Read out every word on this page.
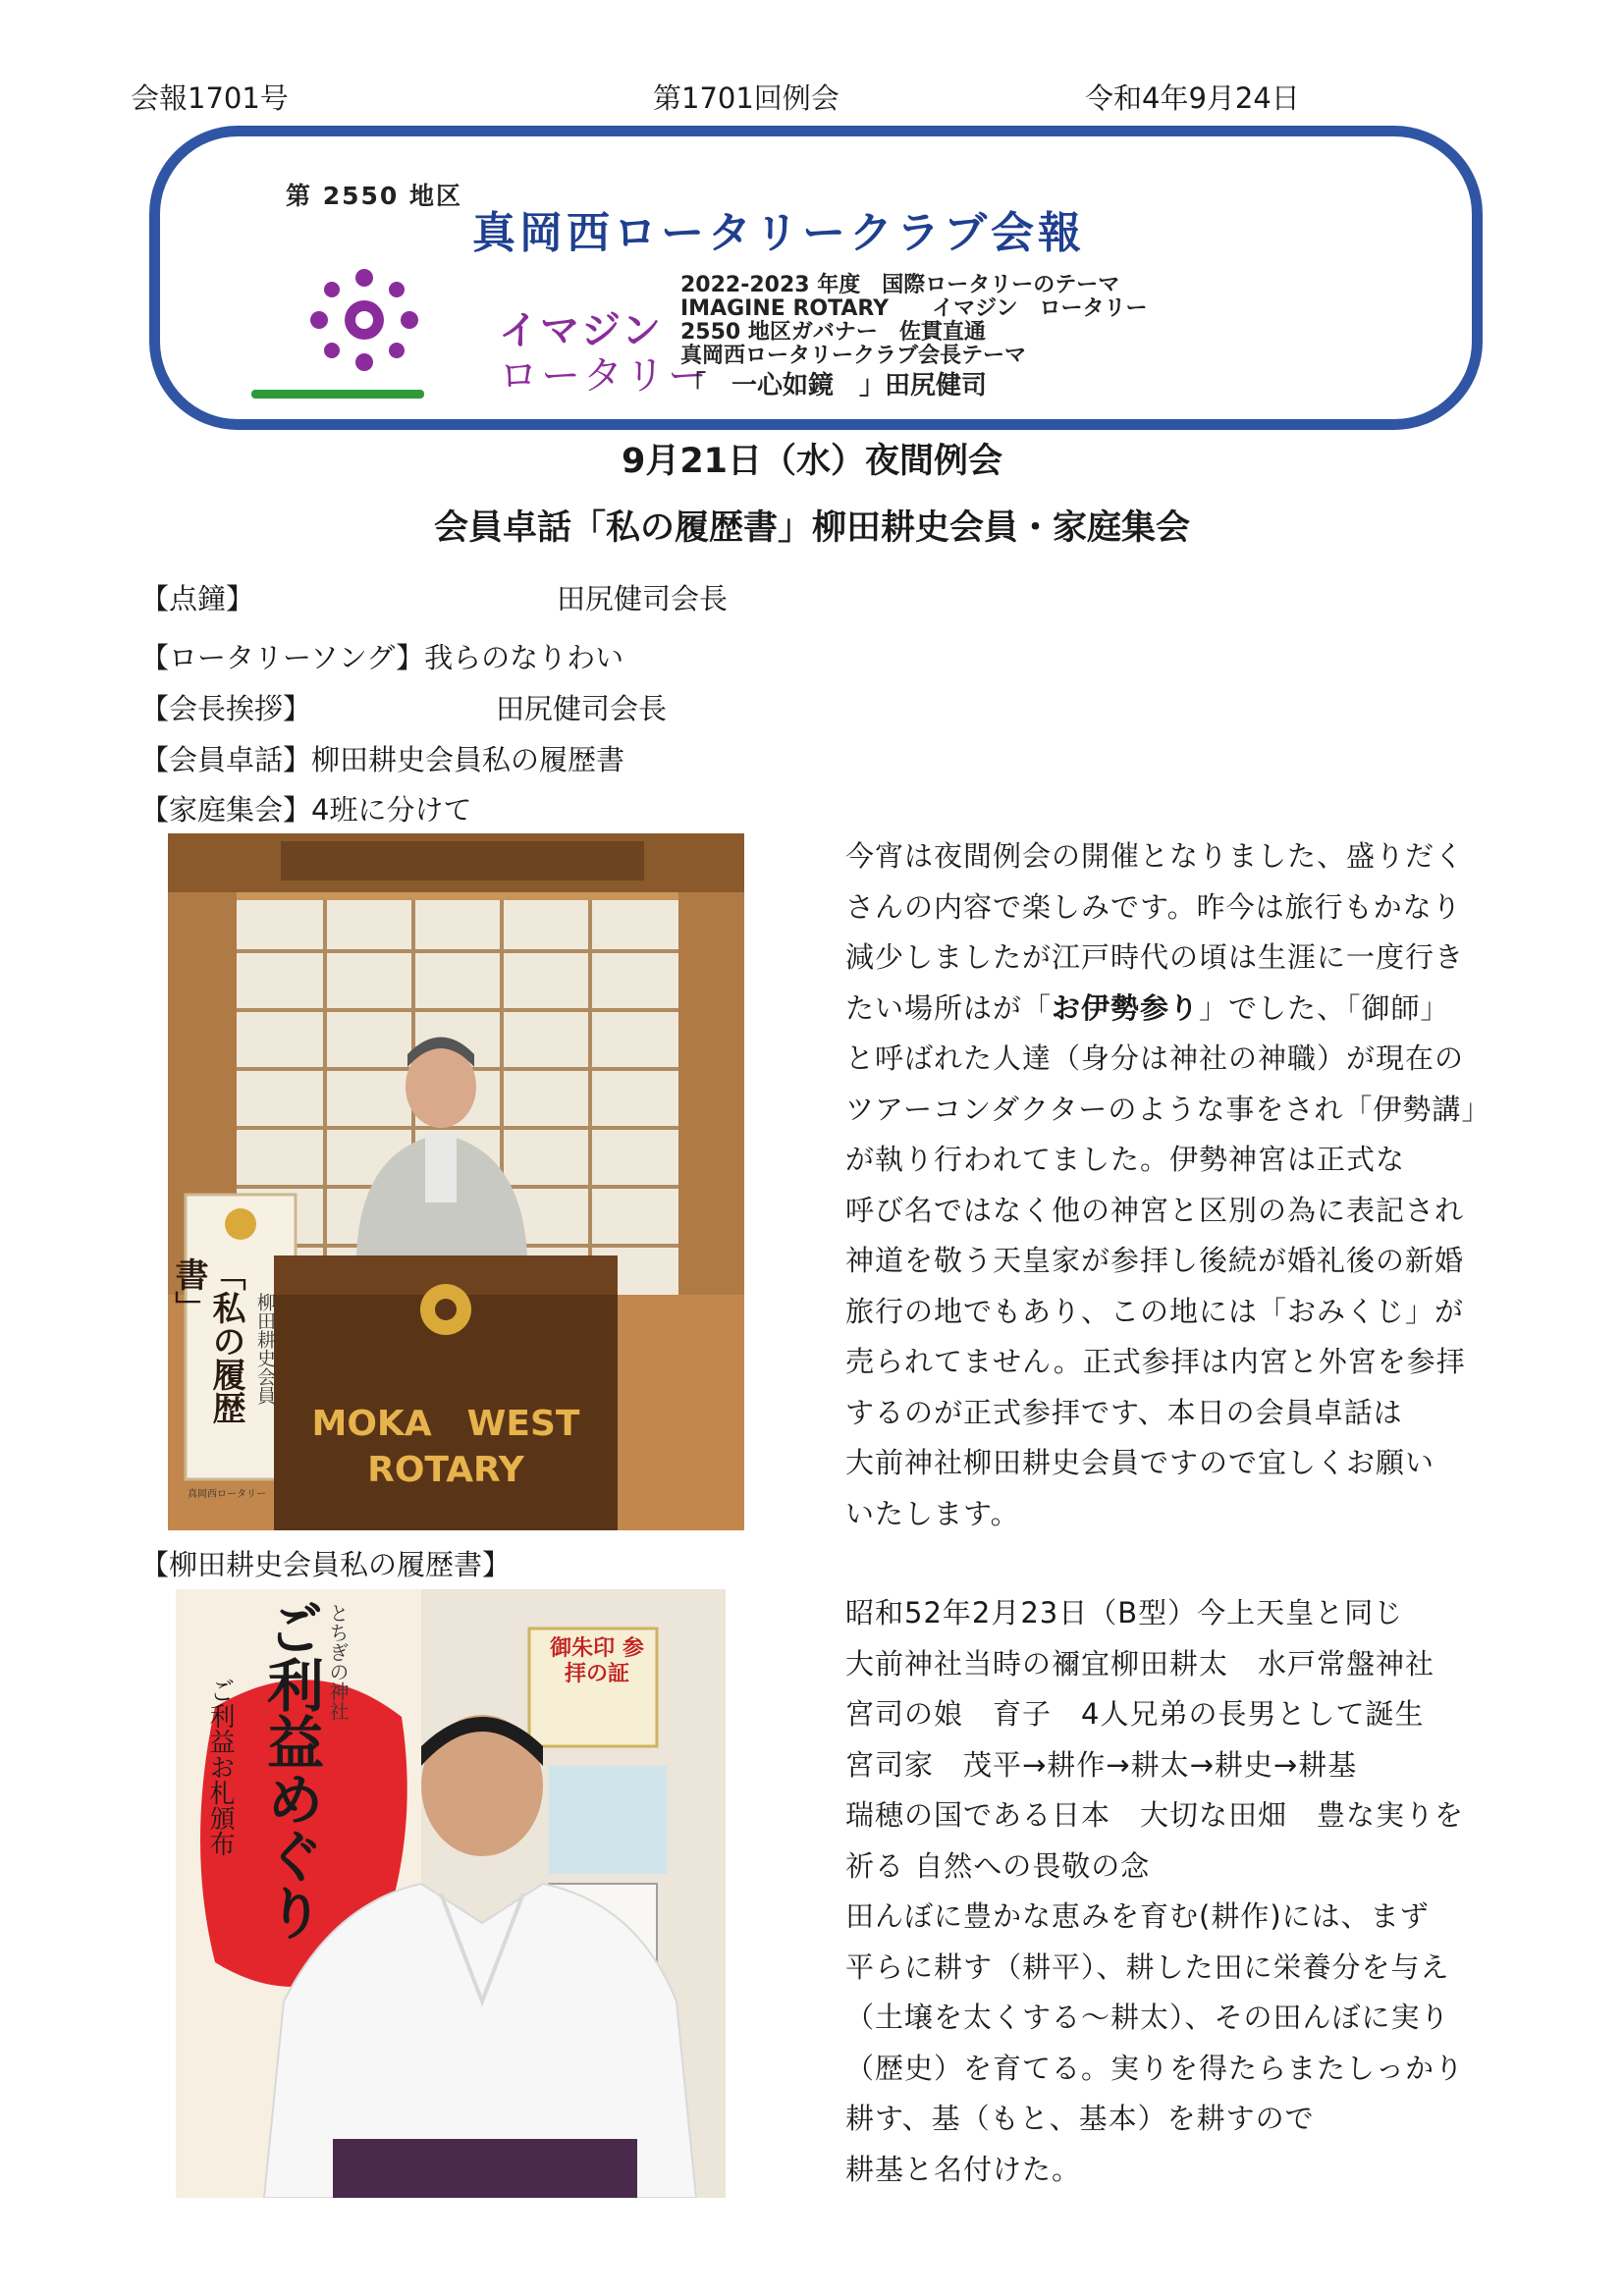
会報1701号	第1701回例会	令和4年9月24日
第 2550 地区
真岡西ロータリークラブ会報
イマジン
ロータリー
2022-2023 年度　国際ロータリーのテーマ
IMAGINE ROTARY　　イマジン　ロータリー
2550 地区ガバナー　佐貫直通
真岡西ロータリークラブ会長テーマ
「　一心如鏡　」田尻健司
9月21日（水）夜間例会
会員卓話「私の履歴書」柳田耕史会員・家庭集会
【点鐘】	田尻健司会長
【ロータリーソング】我らのなりわい
【会長挨拶】	田尻健司会長
【会員卓話】柳田耕史会員私の履歴書
【家庭集会】4班に分けて
「私の履歴書」
柳田耕史会員
真岡西ロータリー
MOKA　WEST
ROTARY
今宵は夜間例会の開催となりました、盛りだく
さんの内容で楽しみです。昨今は旅行もかなり
減少しましたが江戸時代の頃は生涯に一度行き
たい場所はが「お伊勢参り」でした、「御師」
と呼ばれた人達（身分は神社の神職）が現在の
ツアーコンダクターのような事をされ「伊勢講」
が執り行われてました。伊勢神宮は正式な
呼び名ではなく他の神宮と区別の為に表記され
神道を敬う天皇家が参拝し後続が婚礼後の新婚
旅行の地でもあり、この地には「おみくじ」が
売られてません。正式参拝は内宮と外宮を参拝
するのが正式参拝です、本日の会員卓話は
大前神社柳田耕史会員ですので宜しくお願い
いたします。
【柳田耕史会員私の履歴書】
とちぎの神社
ご利益めぐり
ご利益お札頒布
御朱印 参拝の証
昭和52年2月23日（B型）今上天皇と同じ
大前神社当時の禰宜柳田耕太　水戸常盤神社
宮司の娘　育子　4人兄弟の長男として誕生
宮司家　茂平→耕作→耕太→耕史→耕基
瑞穂の国である日本　大切な田畑　豊な実りを
祈る 自然への畏敬の念
田んぼに豊かな恵みを育む(耕作)には、まず
平らに耕す（耕平）、耕した田に栄養分を与え
（土壌を太くする～耕太）、その田んぼに実り
（歴史）を育てる。実りを得たらまたしっかり
耕す、基（もと、基本）を耕すので
耕基と名付けた。
